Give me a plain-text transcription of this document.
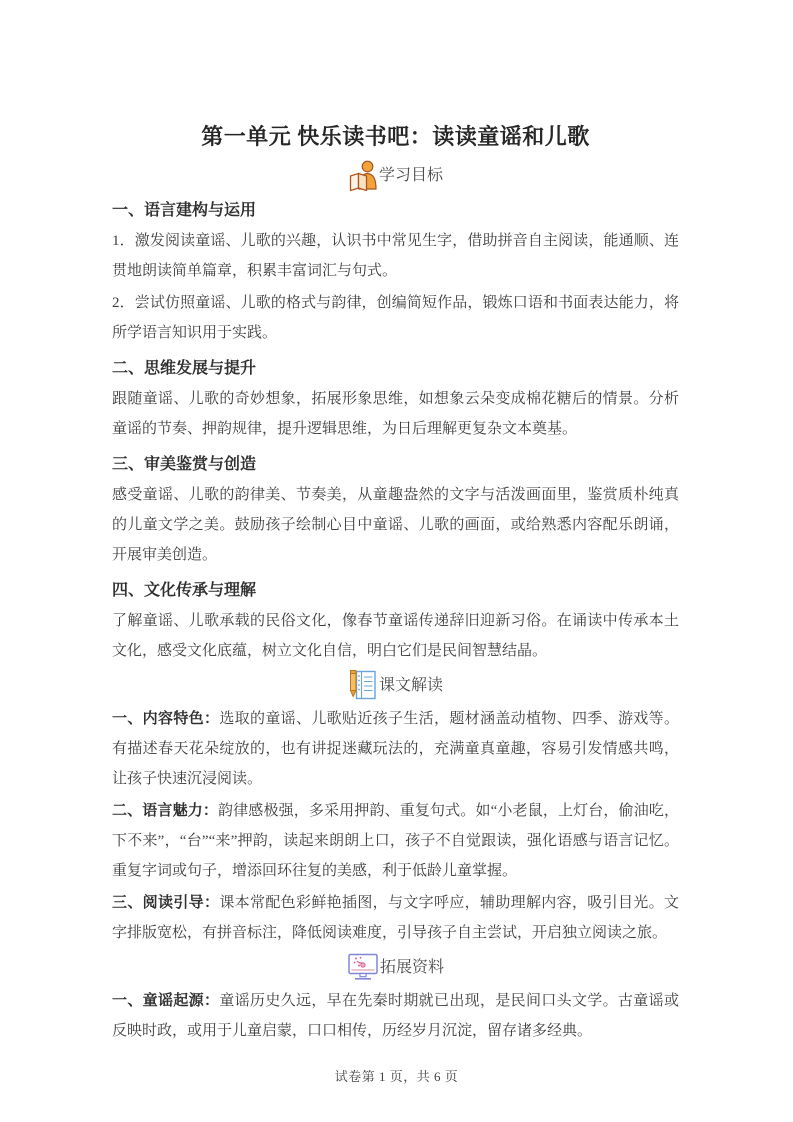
第一单元 快乐读书吧：读读童谣和儿歌
学习目标
一、语言建构与运用

1．激发阅读童谣、儿歌的兴趣，认识书中常见生字，借助拼音自主阅读，能通顺、连贯地朗读简单篇章，积累丰富词汇与句式。

2．尝试仿照童谣、儿歌的格式与韵律，创编简短作品，锻炼口语和书面表达能力，将所学语言知识用于实践。

二、思维发展与提升

跟随童谣、儿歌的奇妙想象，拓展形象思维，如想象云朵变成棉花糖后的情景。分析童谣的节奏、押韵规律，提升逻辑思维，为日后理解更复杂文本奠基。

三、审美鉴赏与创造

感受童谣、儿歌的韵律美、节奏美，从童趣盎然的文字与活泼画面里，鉴赏质朴纯真的儿童文学之美。鼓励孩子绘制心目中童谣、儿歌的画面，或给熟悉内容配乐朗诵，开展审美创造。

四、文化传承与理解

了解童谣、儿歌承载的民俗文化，像春节童谣传递辞旧迎新习俗。在诵读中传承本土文化，感受文化底蕴，树立文化自信，明白它们是民间智慧结晶。

课文解读

一、内容特色：选取的童谣、儿歌贴近孩子生活，题材涵盖动植物、四季、游戏等。有描述春天花朵绽放的，也有讲捉迷藏玩法的，充满童真童趣，容易引发情感共鸣，让孩子快速沉浸阅读。

二、语言魅力：韵律感极强，多采用押韵、重复句式。如“小老鼠，上灯台，偷油吃，下不来”，“台”“来”押韵，读起来朗朗上口，孩子不自觉跟读，强化语感与语言记忆。重复字词或句子，增添回环往复的美感，利于低龄儿童掌握。

三、阅读引导：课本常配色彩鲜艳插图，与文字呼应，辅助理解内容，吸引目光。文字排版宽松，有拼音标注，降低阅读难度，引导孩子自主尝试，开启独立阅读之旅。

拓展资料

一、童谣起源：童谣历史久远，早在先秦时期就已出现，是民间口头文学。古童谣或反映时政，或用于儿童启蒙，口口相传，历经岁月沉淀，留存诸多经典。

试卷第 1 页，共 6 页
